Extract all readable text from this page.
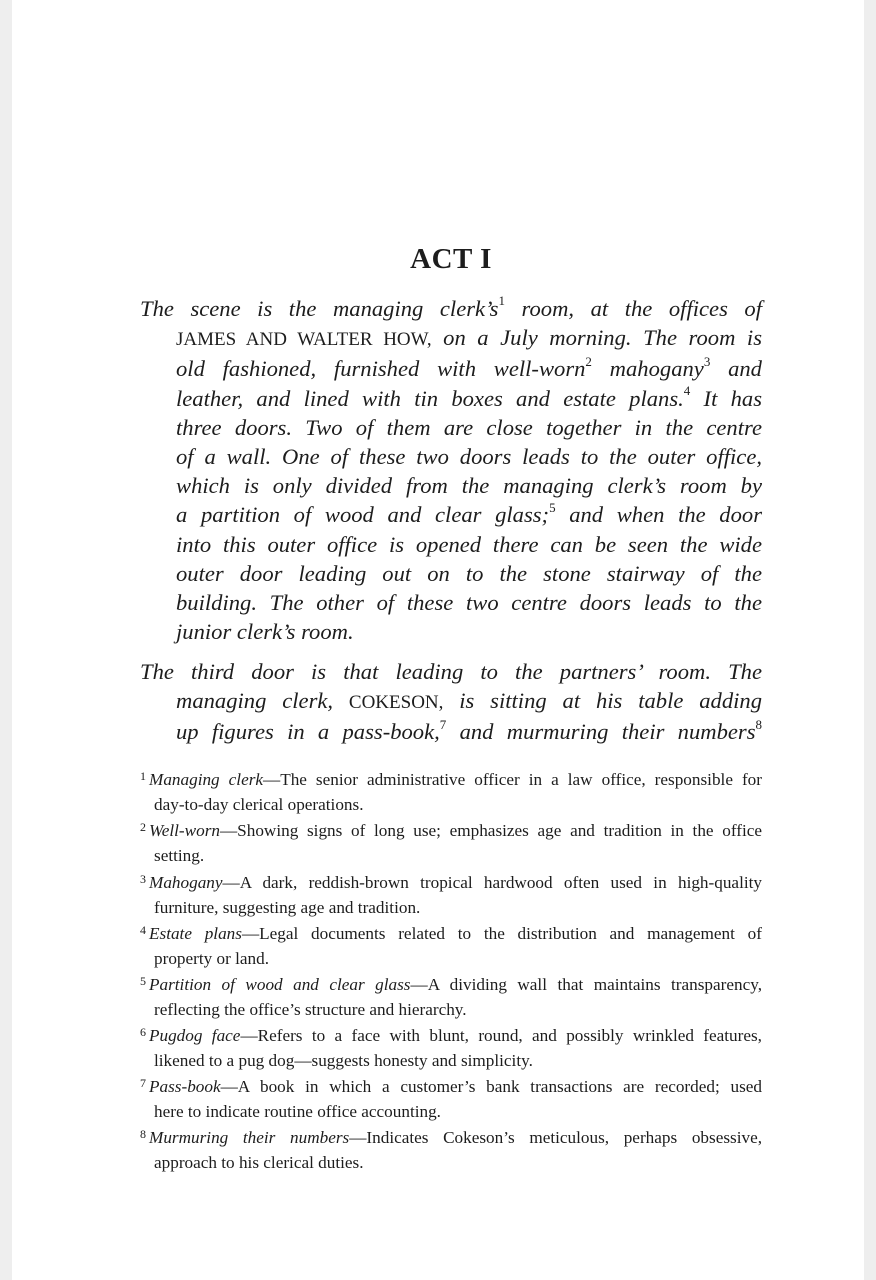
ACT I
The scene is the managing $clerk’s^1$ room, at the offices of
JAMES AND WALTER HOW, on a July morning. The room is
old fashioned, furnished with well-worn$^2$ mahogany$^3$ and
leather, and lined with tin boxes and estate plans.$^4$ It has
three doors. Two of them are close together in the centre
of a wall. One of these two doors leads to the outer office,
which is only divided from the managing clerk’s room by
a partition of wood and clear glass;$^5$ and when the door
into this outer office is opened there can be seen the wide
outer door leading out on to the stone stairway of the
building. The other of these two centre doors leads to the
junior clerk’s room.
The third door is that leading to the partners’ room. The
managing clerk, COKESON, is sitting at his table adding
up figures in a pass-book,$^7$ and murmuring their numbers$^8$
$^1$ Managing clerk—The senior administrative officer in a law office, responsible for
day-to-day clerical operations.
$^2$ Well-worn—Showing signs of long use; emphasizes age and tradition in the office
setting.
$^3$ Mahogany—A dark, reddish-brown tropical hardwood often used in high-quality
furniture, suggesting age and tradition.
$^4$ Estate plans—Legal documents related to the distribution and management of
property or land.
$^5$ Partition of wood and clear glass—A dividing wall that maintains transparency,
reflecting the office’s structure and hierarchy.
$^6$ Pugdog face—Refers to a face with blunt, round, and possibly wrinkled features,
likened to a pug dog—suggests honesty and simplicity.
$^7$ Pass-book—A book in which a customer’s bank transactions are recorded; used
here to indicate routine office accounting.
$^8$ Murmuring their numbers—Indicates Cokeson’s meticulous, perhaps obsessive,
approach to his clerical duties.
